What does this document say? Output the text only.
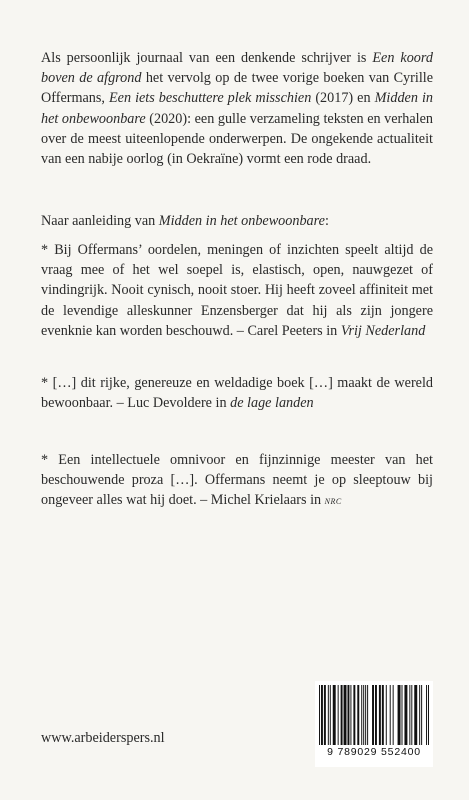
Als persoonlijk journaal van een denkende schrijver is Een koord boven de afgrond het vervolg op de twee vorige boeken van Cyrille Offermans, Een iets beschuttere plek misschien (2017) en Midden in het onbewoonbare (2020): een gulle verzameling teksten en verhalen over de meest uiteenlopende onderwerpen. De ongekende actualiteit van een nabije oorlog (in Oekraïne) vormt een rode draad.

Naar aanleiding van Midden in het onbewoonbare:

* Bij Offermans’ oordelen, meningen of inzichten speelt altijd de vraag mee of het wel soepel is, elastisch, open, nauwgezet of vindingrijk. Nooit cynisch, nooit stoer. Hij heeft zoveel affiniteit met de levendige alleskunner Enzensberger dat hij als zijn jongere evenknie kan worden beschouwd. – Carel Peeters in Vrij Nederland

* […] dit rijke, genereuze en weldadige boek […] maakt de wereld bewoonbaar. – Luc Devoldere in de lage landen

* Een intellectuele omnivoor en fijnzinnige meester van het beschouwende proza […]. Offermans neemt je op sleeptouw bij ongeveer alles wat hij doet. – Michel Krielaars in nrc

www.arbeiderspers.nl
9 789029 552400
